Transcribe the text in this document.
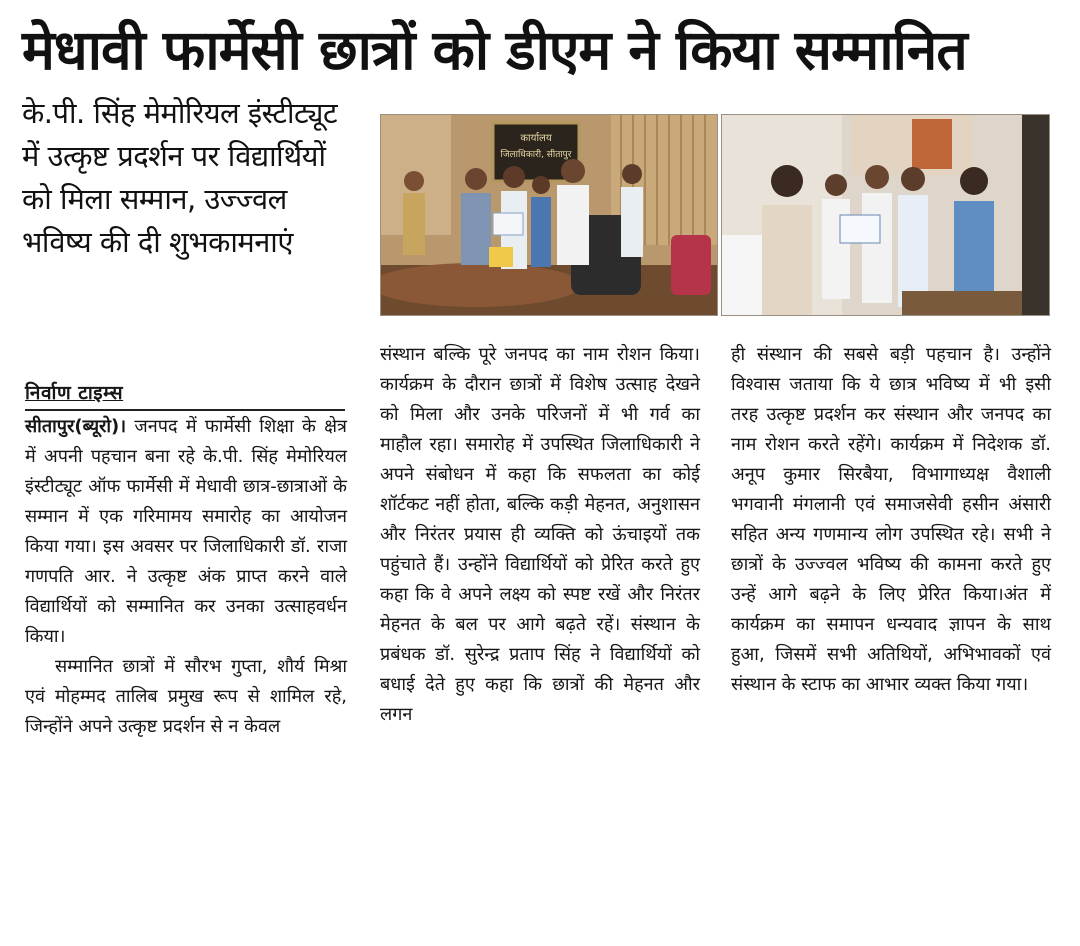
मेधावी फार्मेसी छात्रों को डीएम ने किया सम्मानित
के.पी. सिंह मेमोरियल इंस्टीट्यूट में उत्कृष्ट प्रदर्शन पर विद्यार्थियों को मिला सम्मान, उज्ज्वल भविष्य की दी शुभकामनाएं
कार्यालय
जिलाधिकारी, सीतापुर
निर्वाण टाइम्स

सीतापुर(ब्यूरो)। जनपद में फार्मेसी शिक्षा के क्षेत्र में अपनी पहचान बना रहे के.पी. सिंह मेमोरियल इंस्टीट्यूट ऑफ फार्मेसी में मेधावी छात्र-छात्राओं के सम्मान में एक गरिमामय समारोह का आयोजन किया गया। इस अवसर पर जिलाधिकारी डॉ. राजा गणपति आर. ने उत्कृष्ट अंक प्राप्त करने वाले विद्यार्थियों को सम्मानित कर उनका उत्साहवर्धन किया।

सम्मानित छात्रों में सौरभ गुप्ता, शौर्य मिश्रा एवं मोहम्मद तालिब प्रमुख रूप से शामिल रहे, जिन्होंने अपने उत्कृष्ट प्रदर्शन से न केवल

संस्थान बल्कि पूरे जनपद का नाम रोशन किया। कार्यक्रम के दौरान छात्रों में विशेष उत्साह देखने को मिला और उनके परिजनों में भी गर्व का माहौल रहा। समारोह में उपस्थित जिलाधिकारी ने अपने संबोधन में कहा कि सफलता का कोई शॉर्टकट नहीं होता, बल्कि कड़ी मेहनत, अनुशासन और निरंतर प्रयास ही व्यक्ति को ऊंचाइयों तक पहुंचाते हैं। उन्होंने विद्यार्थियों को प्रेरित करते हुए कहा कि वे अपने लक्ष्य को स्पष्ट रखें और निरंतर मेहनत के बल पर आगे बढ़ते रहें। संस्थान के प्रबंधक डॉ. सुरेन्द्र प्रताप सिंह ने विद्यार्थियों को बधाई देते हुए कहा कि छात्रों की मेहनत और लगन

ही संस्थान की सबसे बड़ी पहचान है। उन्होंने विश्वास जताया कि ये छात्र भविष्य में भी इसी तरह उत्कृष्ट प्रदर्शन कर संस्थान और जनपद का नाम रोशन करते रहेंगे। कार्यक्रम में निदेशक डॉ. अनूप कुमार सिरबैया, विभागाध्यक्ष वैशाली भगवानी मंगलानी एवं समाजसेवी हसीन अंसारी सहित अन्य गणमान्य लोग उपस्थित रहे। सभी ने छात्रों के उज्ज्वल भविष्य की कामना करते हुए उन्हें आगे बढ़ने के लिए प्रेरित किया।अंत में कार्यक्रम का समापन धन्यवाद ज्ञापन के साथ हुआ, जिसमें सभी अतिथियों, अभिभावकों एवं संस्थान के स्टाफ का आभार व्यक्त किया गया।
